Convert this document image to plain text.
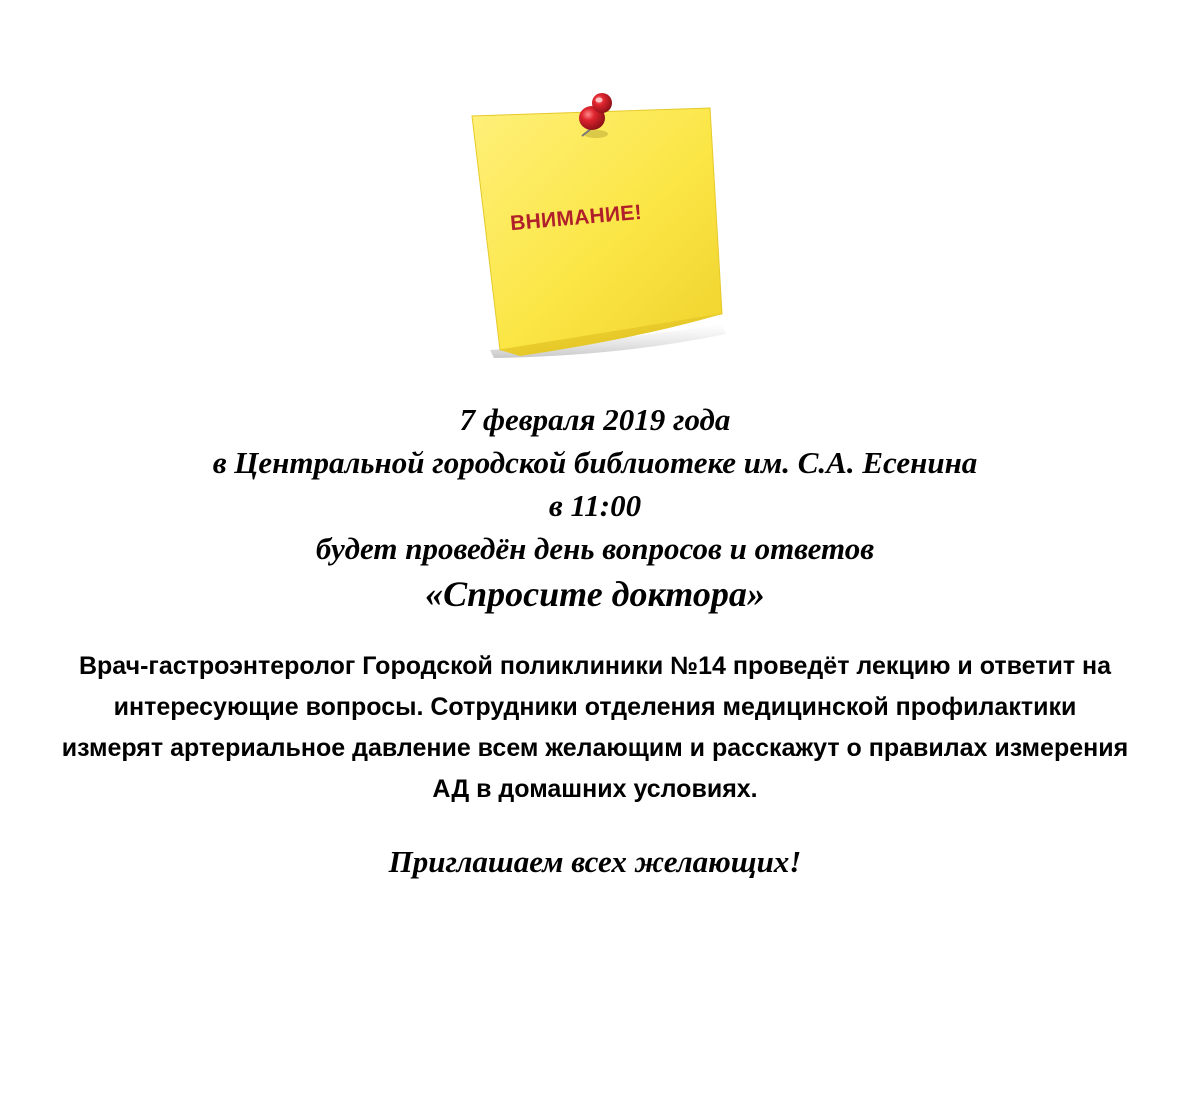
ВНИМАНИЕ!
7 февраля 2019 года
в Центральной городской библиотеке им. С.А. Есенина
в 11:00
будет проведён день вопросов и ответов
«Спросите доктора»
Врач-гастроэнтеролог Городской поликлиники №14 проведёт лекцию и ответит на интересующие вопросы. Сотрудники отделения медицинской профилактики измерят артериальное давление всем желающим и расскажут о правилах измерения АД в домашних условиях.
Приглашаем всех желающих!
